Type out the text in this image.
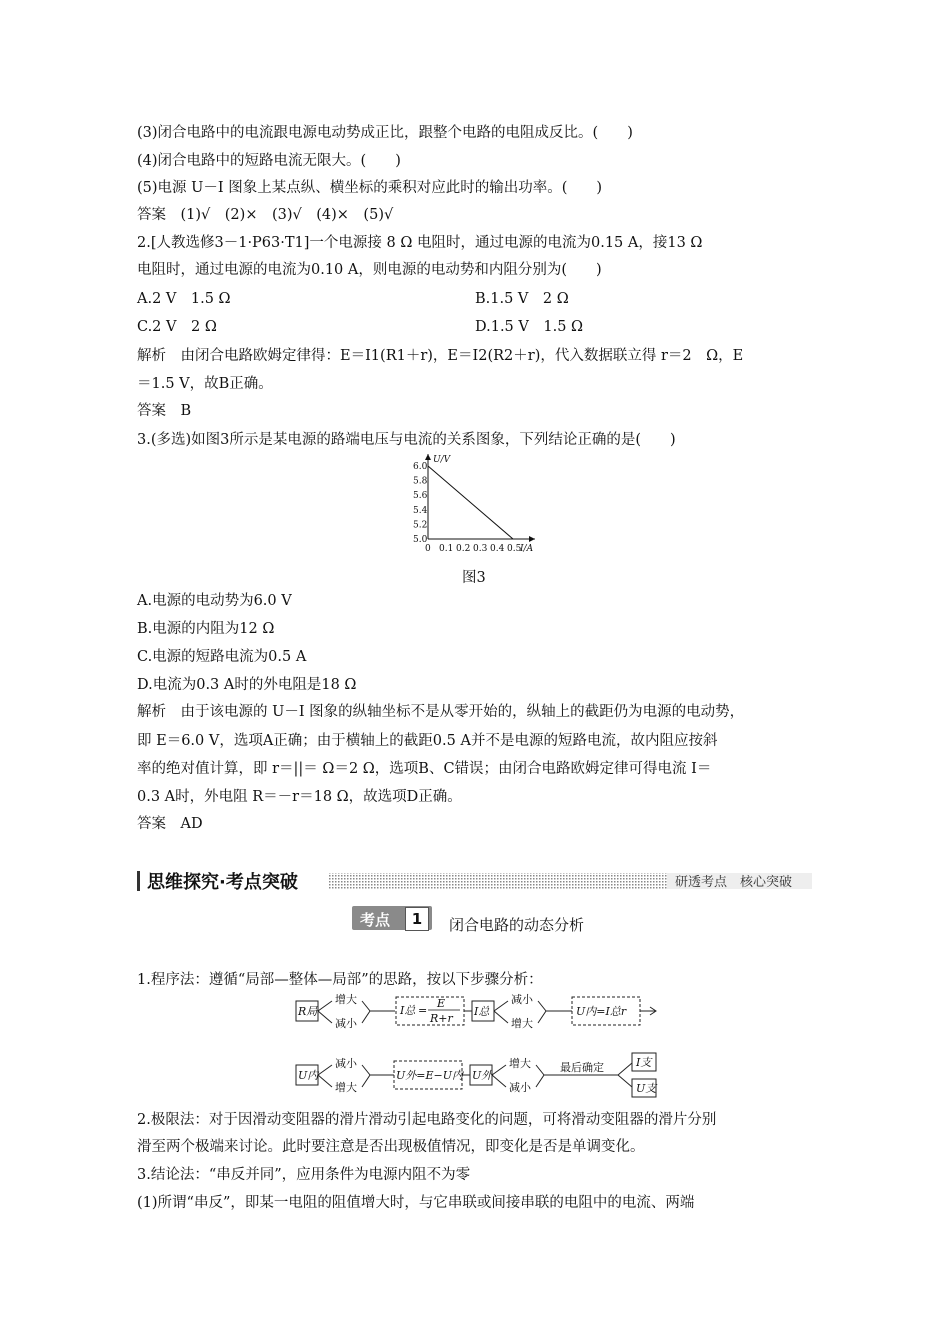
(3)闭合电路中的电流跟电源电动势成正比，跟整个电路的电阻成反比。(　　)
(4)闭合电路中的短路电流无限大。(　　)
(5)电源 U－I 图象上某点纵、横坐标的乘积对应此时的输出功率。(　　)
答案　(1)√　(2)×　(3)√　(4)×　(5)√
2.[人教选修3－1·P63·T1]一个电源接 8 Ω 电阻时，通过电源的电流为0.15 A，接13 Ω
电阻时，通过电源的电流为0.10 A，则电源的电动势和内阻分别为(　　)
A.2 V　1.5 Ω	B.1.5 V　2 Ω
C.2 V　2 Ω	D.1.5 V　1.5 Ω
解析　由闭合电路欧姆定律得：E＝I1(R1＋r)，E＝I2(R2＋r)，代入数据联立得 r＝2　Ω，E
＝1.5 V，故B正确。
答案　B
3.(多选)如图3所示是某电源的路端电压与电流的关系图象，下列结论正确的是(　　)
5.0
5.2
5.4
5.6
5.8
6.0
0 0.1 0.2 0.3 0.4 0.5
U/V
I/A
图3
A.电源的电动势为6.0 V
B.电源的内阻为12 Ω
C.电源的短路电流为0.5 A
D.电流为0.3 A时的外电阻是18 Ω
解析　由于该电源的 U－I 图象的纵轴坐标不是从零开始的，纵轴上的截距仍为电源的电动势，
即 E＝6.0 V，选项A正确；由于横轴上的截距0.5 A并不是电源的短路电流，故内阻应按斜
率的绝对值计算，即 r＝||＝ Ω＝2 Ω，选项B、C错误；由闭合电路欧姆定律可得电流 I＝
0.3 A时，外电阻 R＝－r＝18 Ω，故选项D正确。
答案　AD
思维探究·考点突破	研透考点　核心突破
考点	1	闭合电路的动态分析
1.程序法：遵循“局部—整体—局部”的思路，按以下步骤分析：
R局
增大
减小
I总 =
E
R+r
I总
减小
增大
U内=I总r
U内
减小
增大
U外=E−U内 U外
增大
减小
最后确定	I支
U支
2.极限法：对于因滑动变阻器的滑片滑动引起电路变化的问题，可将滑动变阻器的滑片分别
滑至两个极端来讨论。此时要注意是否出现极值情况，即变化是否是单调变化。
3.结论法：“串反并同”，应用条件为电源内阻不为零
(1)所谓“串反”，即某一电阻的阻值增大时，与它串联或间接串联的电阻中的电流、两端
